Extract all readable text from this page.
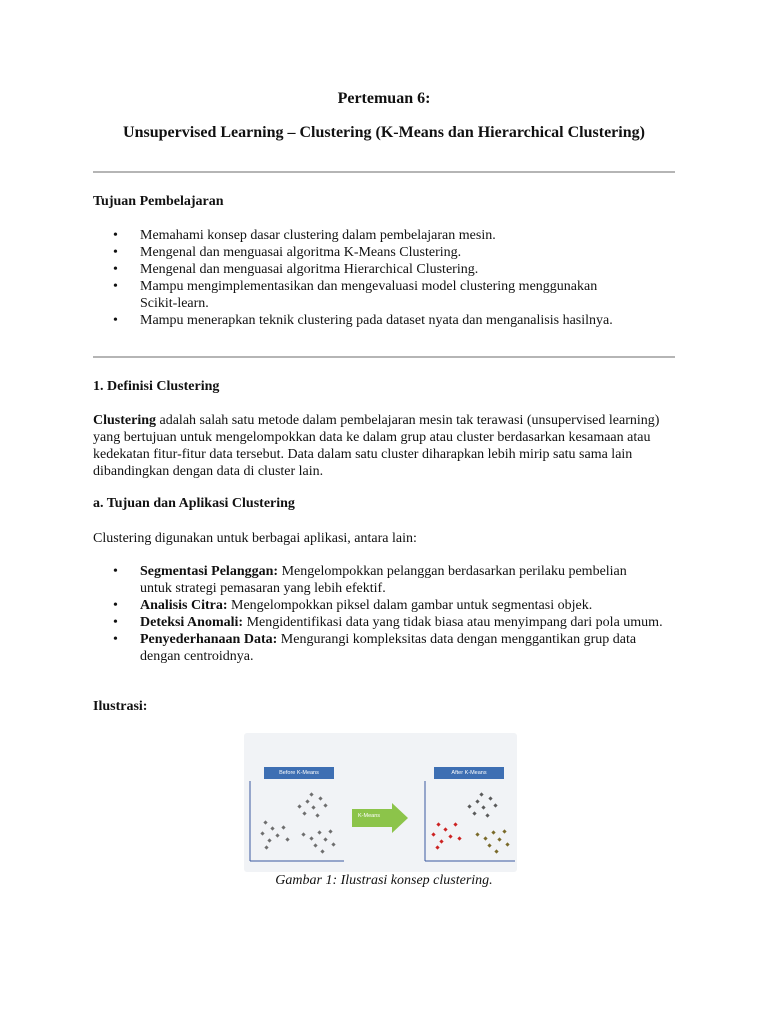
Pertemuan 6:
Unsupervised Learning – Clustering (K-Means dan Hierarchical Clustering)
Tujuan Pembelajaran
• Memahami konsep dasar clustering dalam pembelajaran mesin.
• Mengenal dan menguasai algoritma K-Means Clustering.
• Mengenal dan menguasai algoritma Hierarchical Clustering.
• Mampu mengimplementasikan dan mengevaluasi model clustering menggunakan Scikit-learn.
• Mampu menerapkan teknik clustering pada dataset nyata dan menganalisis hasilnya.
1. Definisi Clustering
Clustering adalah salah satu metode dalam pembelajaran mesin tak terawasi (unsupervised learning) yang bertujuan untuk mengelompokkan data ke dalam grup atau cluster berdasarkan kesamaan atau kedekatan fitur-fitur data tersebut. Data dalam satu cluster diharapkan lebih mirip satu sama lain dibandingkan dengan data di cluster lain.
a. Tujuan dan Aplikasi Clustering
Clustering digunakan untuk berbagai aplikasi, antara lain:
• Segmentasi Pelanggan: Mengelompokkan pelanggan berdasarkan perilaku pembelian untuk strategi pemasaran yang lebih efektif.
• Analisis Citra: Mengelompokkan piksel dalam gambar untuk segmentasi objek.
• Deteksi Anomali: Mengidentifikasi data yang tidak biasa atau menyimpang dari pola umum.
• Penyederhanaan Data: Mengurangi kompleksitas data dengan menggantikan grup data dengan centroidnya.
Ilustrasi:
Before K-Means
K-Means
After K-Means
Gambar 1: Ilustrasi konsep clustering.
